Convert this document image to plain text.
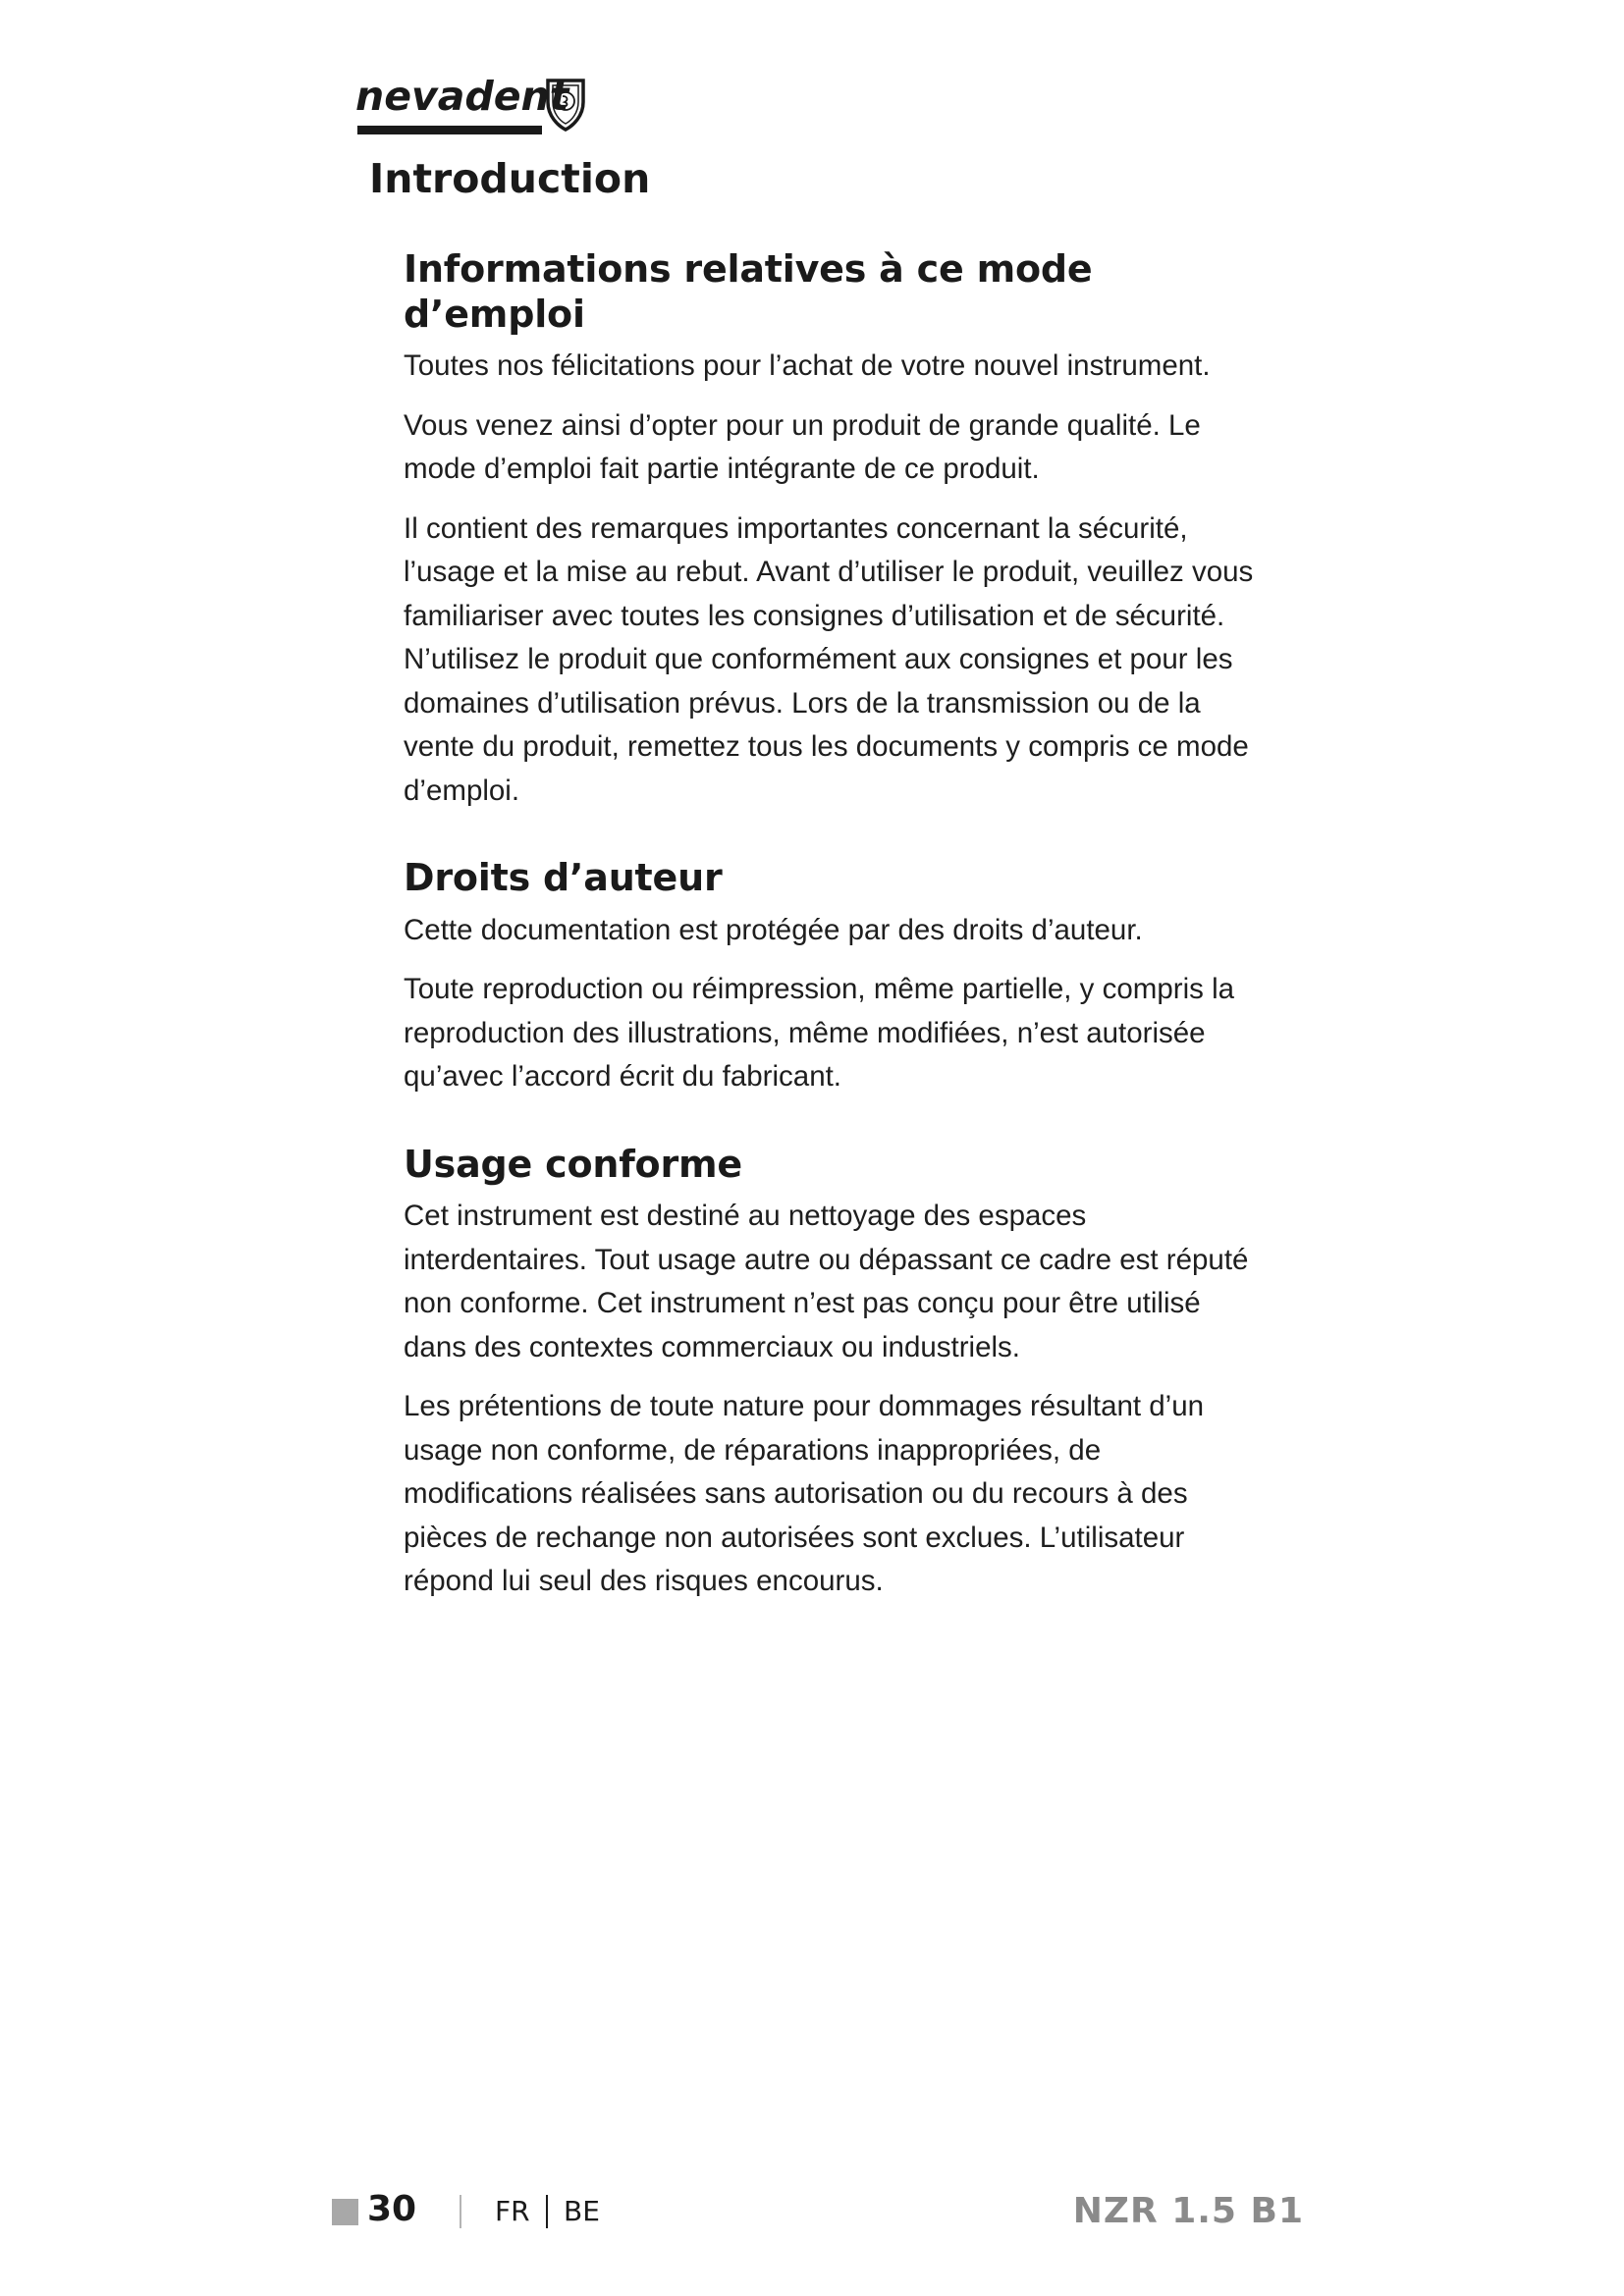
nevadent
Introduction
Informations relatives à ce mode d’emploi

Toutes nos félicitations pour l’achat de votre nouvel instrument.

Vous venez ainsi d’opter pour un produit de grande qualité. Le mode d’emploi fait partie intégrante de ce produit.

Il contient des remarques importantes concernant la sécurité, l’usage et la mise au rebut. Avant d’utiliser le produit, veuillez vous familiariser avec toutes les consignes d’utilisation et de sécurité. N’utilisez le produit que conformément aux consignes et pour les domaines d’utilisation prévus. Lors de la transmission ou de la vente du produit, remettez tous les documents y compris ce mode d’emploi.

Droits d’auteur

Cette documentation est protégée par des droits d’auteur.

Toute reproduction ou réimpression, même partielle, y compris la reproduction des illustrations, même modifiées, n’est autorisée qu’avec l’accord écrit du fabricant.

Usage conforme

Cet instrument est destiné au nettoyage des espaces interdentaires. Tout usage autre ou dépassant ce cadre est réputé non conforme. Cet instrument n’est pas conçu pour être utilisé dans des contextes commerciaux ou industriels.

Les prétentions de toute nature pour dommages résultant d’un usage non conforme, de réparations inappropriées, de modifications réalisées sans autorisation ou du recours à des pièces de rechange non autorisées sont exclues. L’utilisateur répond lui seul des risques encourus.

30	FR BE	NZR 1.5 B1
